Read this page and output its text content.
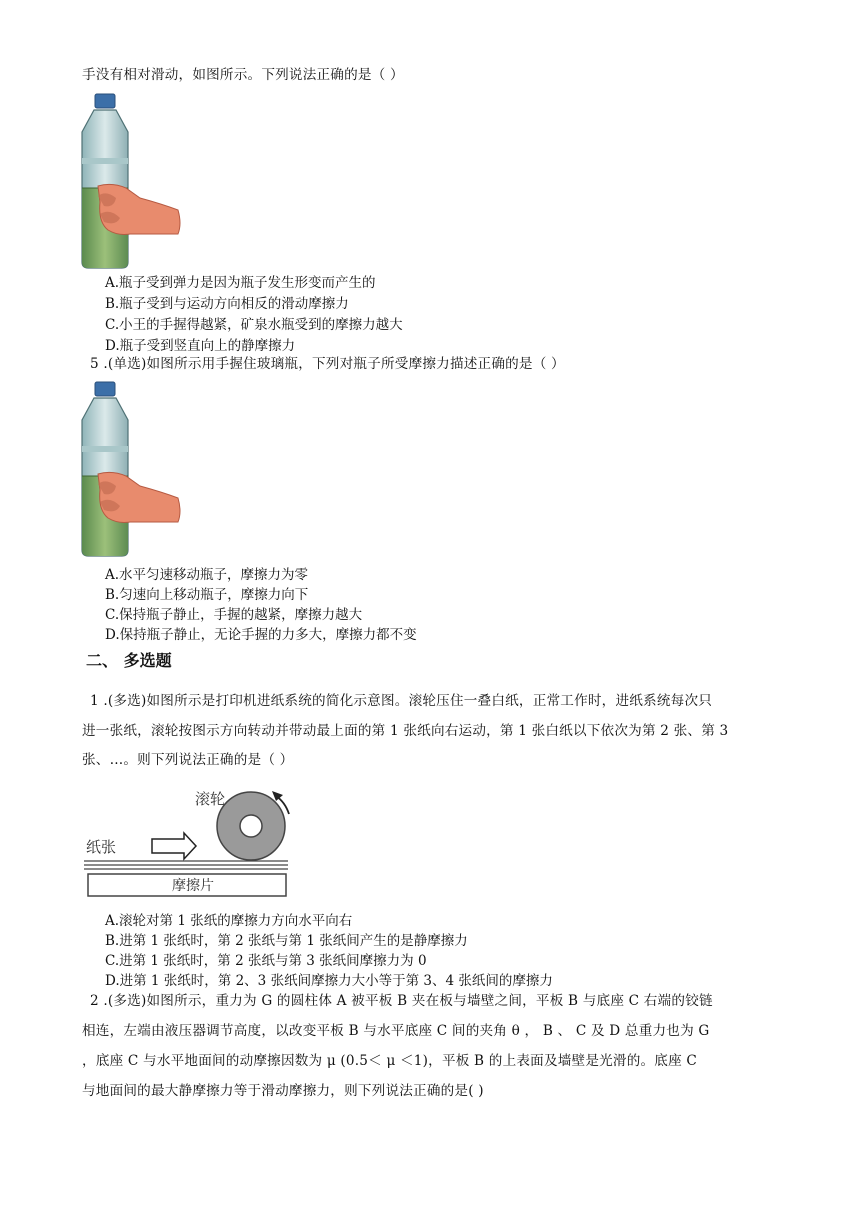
手没有相对滑动，如图所示。下列说法正确的是（ ）
A.瓶子受到弹力是因为瓶子发生形变而产生的
B.瓶子受到与运动方向相反的滑动摩擦力
C.小王的手握得越紧，矿泉水瓶受到的摩擦力越大
D.瓶子受到竖直向上的静摩擦力
5 .(单选)如图所示用手握住玻璃瓶，下列对瓶子所受摩擦力描述正确的是（ ）
A.水平匀速移动瓶子，摩擦力为零
B.匀速向上移动瓶子，摩擦力向下
C.保持瓶子静止，手握的越紧，摩擦力越大
D.保持瓶子静止，无论手握的力多大，摩擦力都不变
二、 多选题
1 .(多选)如图所示是打印机进纸系统的简化示意图。滚轮压住一叠白纸，正常工作时，进纸系统每次只
进一张纸，滚轮按图示方向转动并带动最上面的第 1 张纸向右运动，第 1 张白纸以下依次为第 2 张、第 3
张、…。则下列说法正确的是（ ）
滚轮
纸张
摩擦片
A.滚轮对第 1 张纸的摩擦力方向水平向右
B.进第 1 张纸时，第 2 张纸与第 1 张纸间产生的是静摩擦力
C.进第 1 张纸时，第 2 张纸与第 3 张纸间摩擦力为 0
D.进第 1 张纸时，第 2、3 张纸间摩擦力大小等于第 3、4 张纸间的摩擦力
2 .(多选)如图所示，重力为 G 的圆柱体 A 被平板 B 夹在板与墙壁之间，平板 B 与底座 C 右端的铰链
相连，左端由液压器调节高度，以改变平板 B 与水平底座 C 间的夹角 θ ， B 、 C 及 D 总重力也为 G
，底座 C 与水平地面间的动摩擦因数为 μ (0.5＜ μ ＜1)，平板 B 的上表面及墙壁是光滑的。底座 C
与地面间的最大静摩擦力等于滑动摩擦力，则下列说法正确的是( )
